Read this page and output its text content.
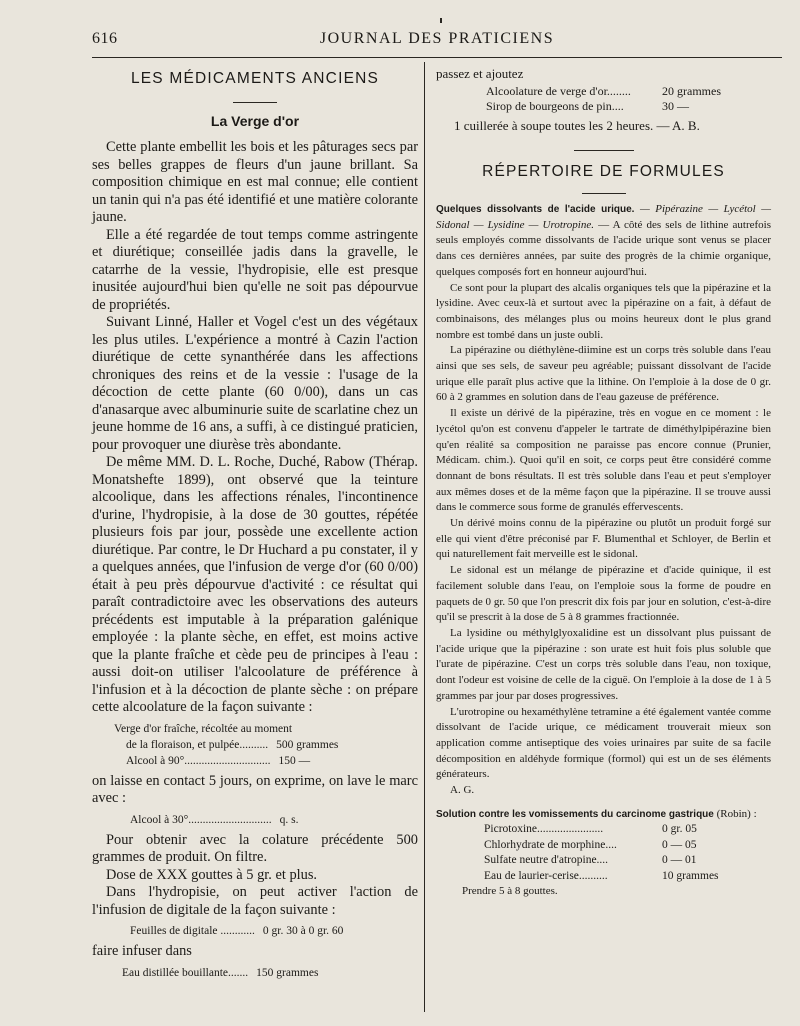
616	JOURNAL DES PRATICIENS
LES MÉDICAMENTS ANCIENS
La Verge d'or

Cette plante embellit les bois et les pâturages secs par ses belles grappes de fleurs d'un jaune brillant. Sa composition chimique en est mal connue; elle contient un tanin qui n'a pas été identifié et une matière colorante jaune.

Elle a été regardée de tout temps comme astringente et diurétique; conseillée jadis dans la gravelle, le catarrhe de la vessie, l'hydropisie, elle est presque inusitée aujourd'hui bien qu'elle ne soit pas dépourvue de propriétés.

Suivant Linné, Haller et Vogel c'est un des végétaux les plus utiles. L'expérience a montré à Cazin l'action diurétique de cette synanthérée dans les affections chroniques des reins et de la vessie : l'usage de la décoction de cette plante (60 0/00), dans un cas d'anasarque avec albuminurie suite de scarlatine chez un jeune homme de 16 ans, a suffi, à ce distingué praticien, pour provoquer une diurèse très abondante.

De même MM. D. L. Roche, Duché, Rabow (Thérap. Monatshefte 1899), ont observé que la teinture alcoolique, dans les affections rénales, l'incontinence d'urine, l'hydropisie, à la dose de 30 gouttes, répétée plusieurs fois par jour, possède une excellente action diurétique. Par contre, le Dr Huchard a pu constater, il y a quelques années, que l'infusion de verge d'or (60 0/00) était à peu près dépourvue d'activité : ce résultat qui paraît contradictoire avec les observations des auteurs précédents est imputable à la préparation galénique employée : la plante sèche, en effet, est moins active que la plante fraîche et cède peu de principes à l'eau : aussi doit-on utiliser l'alcoolature de préférence à l'infusion et à la décoction de plante sèche : on prépare cette alcoolature de la façon suivante :

Verge d'or fraîche, récoltée au moment
de la floraison, et pulpée.......... 500 grammes
Alcool à 90°.............................. 150 —

on laisse en contact 5 jours, on exprime, on lave le marc avec :

Alcool à 30°............................. q. s.

Pour obtenir avec la colature précédente 500 grammes de produit. On filtre.

Dose de XXX gouttes à 5 gr. et plus.

Dans l'hydropisie, on peut activer l'action de l'infusion de digitale de la façon suivante :

Feuilles de digitale ............ 0 gr. 30 à 0 gr. 60

faire infuser dans

Eau distillée bouillante....... 150 grammes
passez et ajoutez
Alcoolature de verge d'or........	20 grammes
Sirop de bourgeons de pin....	30 —
1 cuillerée à soupe toutes les 2 heures. — A. B.
RÉPERTOIRE DE FORMULES

Quelques dissolvants de l'acide urique. — Pipérazine — Lycétol — Sidonal — Lysidine — Urotropine. — A côté des sels de lithine autrefois seuls employés comme dissolvants de l'acide urique sont venus se placer dans ces dernières années, par suite des progrès de la chimie organique, quelques composés fort en honneur aujourd'hui.

Ce sont pour la plupart des alcalis organiques tels que la pipérazine et la lysidine. Avec ceux-là et surtout avec la pipérazine on a fait, à défaut de combinaisons, des mélanges plus ou moins heureux dont le plus grand nombre est tombé dans un juste oubli.

La pipérazine ou diéthylène-diimine est un corps très soluble dans l'eau ainsi que ses sels, de saveur peu agréable; puissant dissolvant de l'acide urique elle paraît plus active que la lithine. On l'emploie à la dose de 0 gr. 60 à 2 grammes en solution dans de l'eau gazeuse de préférence.

Il existe un dérivé de la pipérazine, très en vogue en ce moment : le lycétol qu'on est convenu d'appeler le tartrate de diméthylpipérazine bien qu'en réalité sa composition ne paraisse pas encore connue (Prunier, Médicam. chim.). Quoi qu'il en soit, ce corps peut être considéré comme donnant de bons résultats. Il est très soluble dans l'eau et peut s'employer aux mêmes doses et de la même façon que la pipérazine. Il se trouve aussi dans le commerce sous forme de granulés effervescents.

Un dérivé moins connu de la pipérazine ou plutôt un produit forgé sur elle qui vient d'être préconisé par F. Blumenthal et Schloyer, de Berlin et qui naturellement fait merveille est le sidonal.

Le sidonal est un mélange de pipérazine et d'acide quinique, il est facilement soluble dans l'eau, on l'emploie sous la forme de poudre en paquets de 0 gr. 50 que l'on prescrit dix fois par jour en solution, c'est-à-dire qu'il se prescrit à la dose de 5 à 8 grammes fractionnée.

La lysidine ou méthylglyoxalidine est un dissolvant plus puissant de l'acide urique que la pipérazine : son urate est huit fois plus soluble que l'urate de pipérazine. C'est un corps très soluble dans l'eau, non toxique, dont l'odeur est voisine de celle de la ciguë. On l'emploie à la dose de 1 à 5 grammes par jour par doses progressives.

L'urotropine ou hexaméthylène tetramine a été également vantée comme dissolvant de l'acide urique, ce médicament trouverait mieux son application comme antiseptique des voies urinaires par suite de sa facile décomposition en aldéhyde formique (formol) qui est un de ses éléments générateurs.

A. G.

Solution contre les vomissements du carcinome gastrique (Robin) :

Picrotoxine.......................	0 gr. 05
Chlorhydrate de morphine....	0 — 05
Sulfate neutre d'atropine....	0 — 01
Eau de laurier-cerise..........	10 grammes

Prendre 5 à 8 gouttes.
